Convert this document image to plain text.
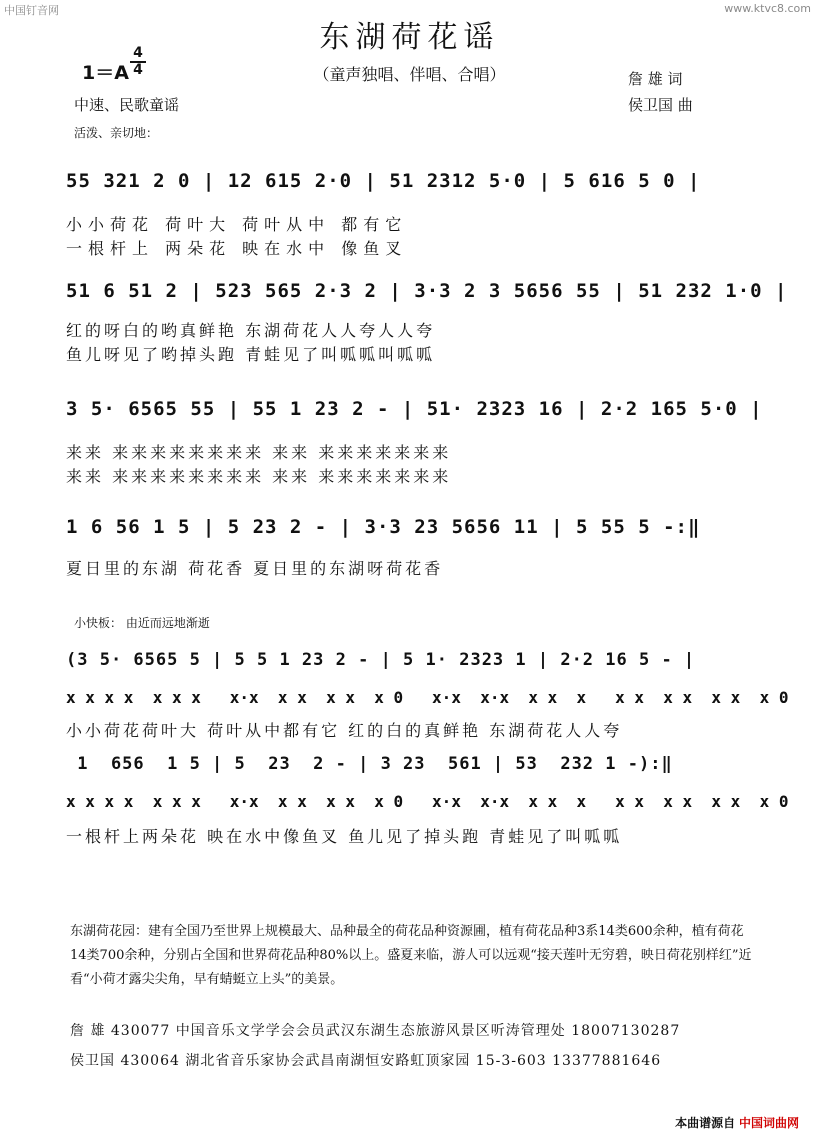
中国钉音网	www.ktvc8.com
东湖荷花谣
（童声独唱、伴唱、合唱）
1＝A
4
4
中速、民歌童谣
活泼、亲切地：
詹 雄 词
侯卫国 曲
55 321 2 0 | 12 615 2·0 | 51 2312 5·0 | 5 616 5 0 |
小小荷花 荷叶大 荷叶从中 都有它
一根杆上 两朵花 映在水中 像鱼叉
51 6 51 2 | 523 565 2·3 2 | 3·3 2 3 5656 55 | 51 232 1·0 |
红的呀白的哟真鲜艳 东湖荷花人人夸人人夸
鱼儿呀见了哟掉头跑 青蛙见了叫呱呱叫呱呱
3 5· 6565 55 | 55 1 23 2 - | 51· 2323 16 | 2·2 165 5·0 |
来来 来来来来来来来来 来来 来来来来来来来
来来 来来来来来来来来 来来 来来来来来来来
1 6 56 1 5 | 5 23 2 - | 3·3 23 5656 11 | 5 55 5 -:‖
夏日里的东湖 荷花香 夏日里的东湖呀荷花香
小快板： 由近而远地渐逝
(3 5· 6565 5 | 5 5 1 23 2 - | 5 1· 2323 1 | 2·2 16 5 - |
x x x x  x x x   x·x  x x  x x  x 0   x·x  x·x  x x  x   x x  x x  x x  x 0
小小荷花荷叶大 荷叶从中都有它 红的白的真鲜艳 东湖荷花人人夸
1  656  1 5 | 5  23  2 - | 3 23  561 | 53  232 1 -):‖
x x x x  x x x   x·x  x x  x x  x 0   x·x  x·x  x x  x   x x  x x  x x  x 0
一根杆上两朵花 映在水中像鱼叉 鱼儿见了掉头跑 青蛙见了叫呱呱
东湖荷花园：建有全国乃至世界上规模最大、品种最全的荷花品种资源圃，植有荷花品种3系14类600余种，植有荷花14类700余种，分别占全国和世界荷花品种80%以上。盛夏来临，游人可以远观“接天莲叶无穷碧，映日荷花别样红”近看“小荷才露尖尖角，早有蜻蜓立上头”的美景。
詹 雄 430077 中国音乐文学学会会员武汉东湖生态旅游风景区听涛管理处 18007130287
侯卫国 430064 湖北省音乐家协会武昌南湖恒安路虹顶家园 15-3-603 13377881646
本曲谱源自 中国词曲网
